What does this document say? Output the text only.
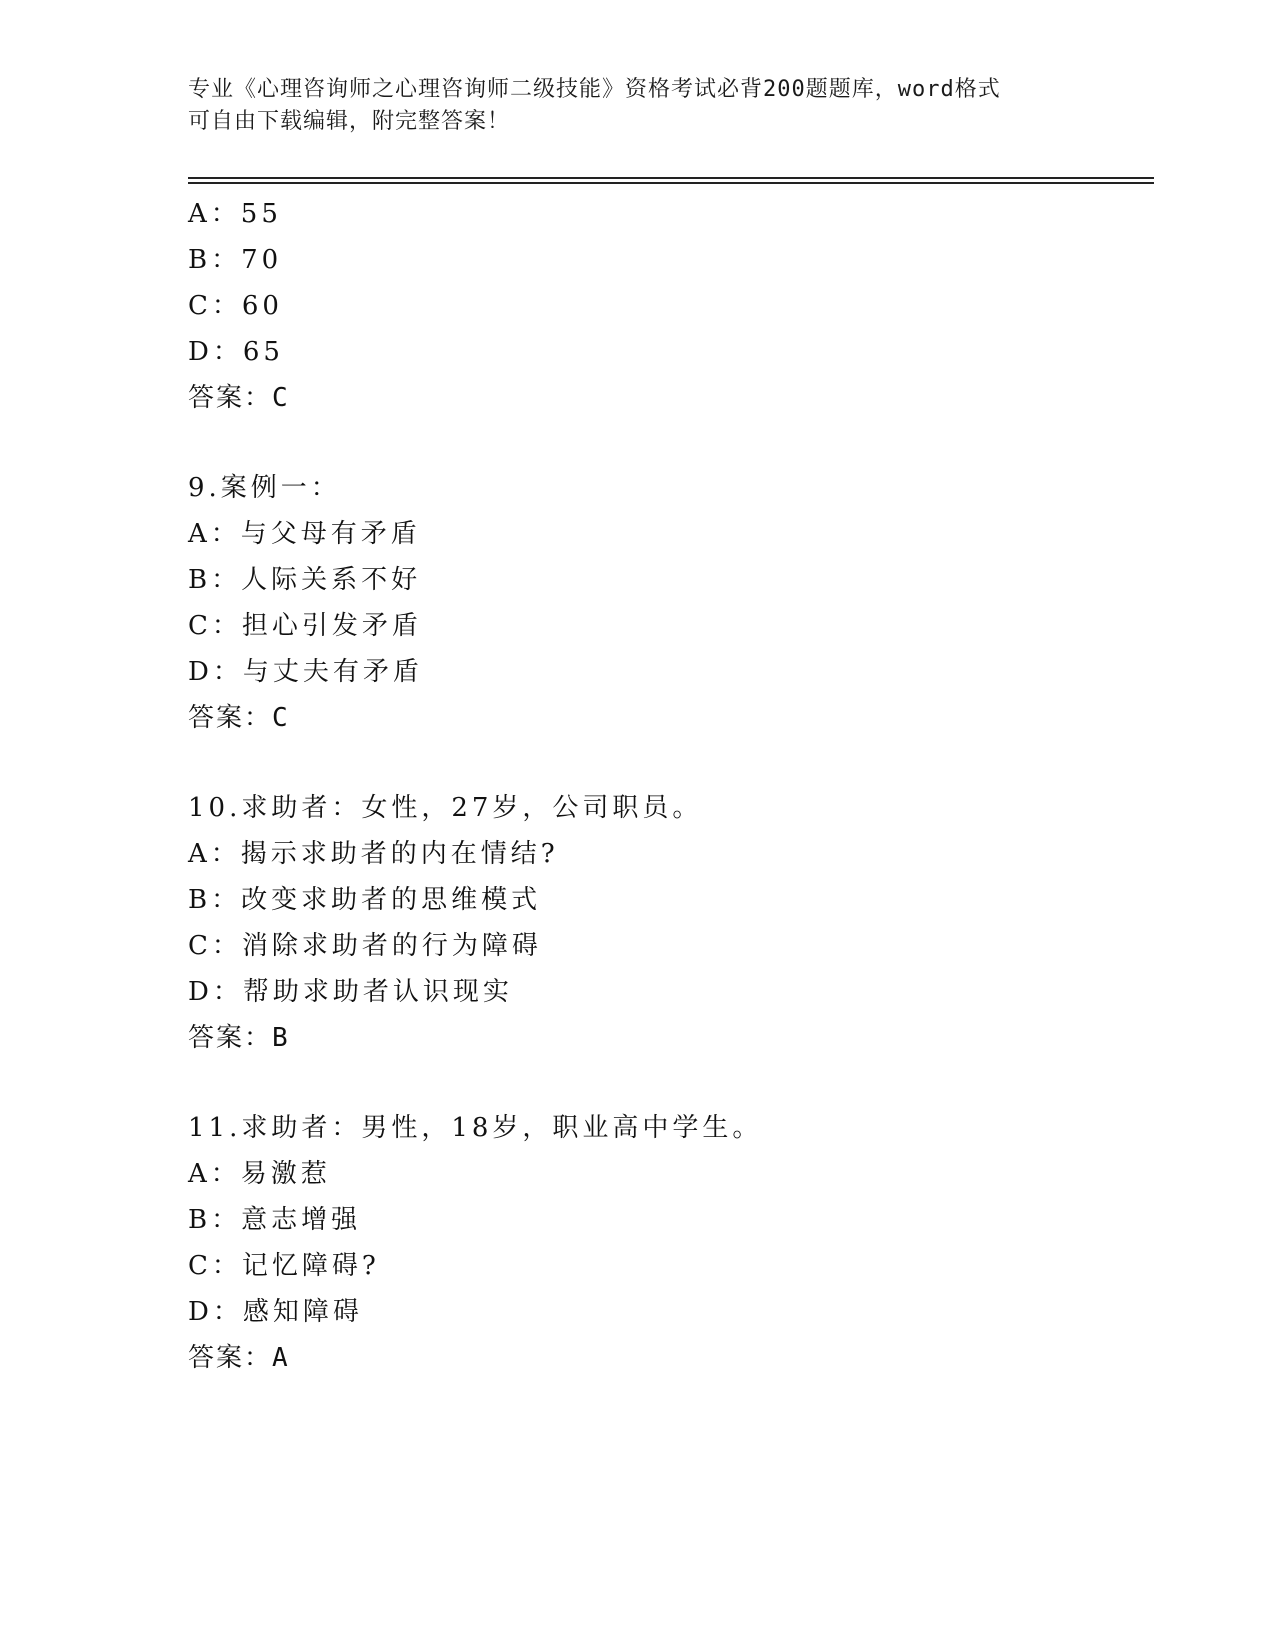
专业《心理咨询师之心理咨询师二级技能》资格考试必背200题题库，word格式
可自由下载编辑，附完整答案！
A：55
B：70
C：60
D：65
答案：C
9.案例一：
A：与父母有矛盾
B：人际关系不好
C：担心引发矛盾
D：与丈夫有矛盾
答案：C
10.求助者：女性，27岁，公司职员。
A：揭示求助者的内在情结?
B：改变求助者的思维模式
C：消除求助者的行为障碍
D：帮助求助者认识现实
答案：B
11.求助者：男性，18岁，职业高中学生。
A：易激惹
B：意志增强
C：记忆障碍?
D：感知障碍
答案：A
